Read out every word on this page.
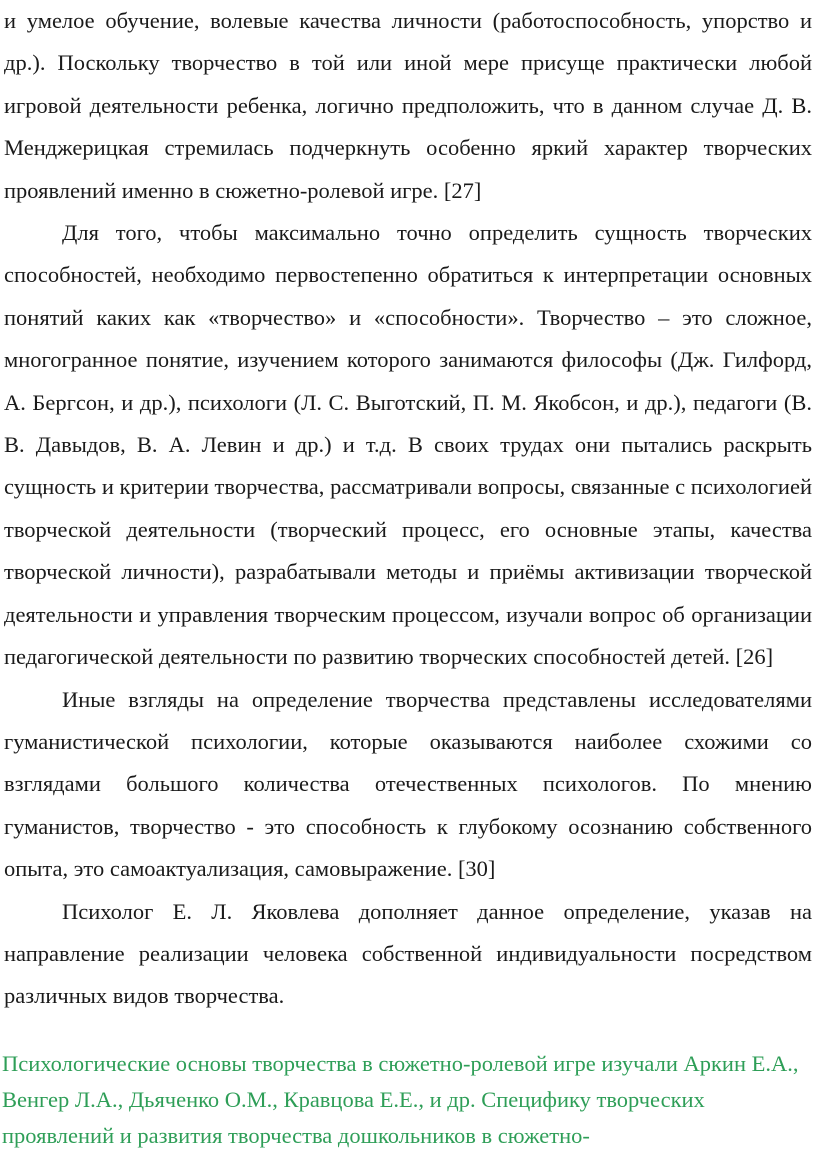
и умелое обучение, волевые качества личности (работоспособность, упорство и др.). Поскольку творчество в той или иной мере присуще практически любой игровой деятельности ребенка, логично предположить, что в данном случае Д. В. Менджерицкая стремилась подчеркнуть особенно яркий характер творческих проявлений именно в сюжетно-ролевой игре. [27]

Для того, чтобы максимально точно определить сущность творческих способностей, необходимо первостепенно обратиться к интерпретации основных понятий каких как «творчество» и «способности». Творчество – это сложное, многогранное понятие, изучением которого занимаются философы (Дж. Гилфорд, А. Бергсон, и др.), психологи (Л. С. Выготский, П. М. Якобсон, и др.), педагоги (В. В. Давыдов, В. А. Левин и др.) и т.д. В своих трудах они пытались раскрыть сущность и критерии творчества, рассматривали вопросы, связанные с психологией творческой деятельности (творческий процесс, его основные этапы, качества творческой личности), разрабатывали методы и приёмы активизации творческой деятельности и управления творческим процессом, изучали вопрос об организации педагогической деятельности по развитию творческих способностей детей. [26]

Иные взгляды на определение творчества представлены исследователями гуманистической психологии, которые оказываются наиболее схожими со взглядами большого количества отечественных психологов. По мнению гуманистов, творчество - это способность к глубокому осознанию собственного опыта, это самоактуализация, самовыражение. [30]

Психолог Е. Л. Яковлева дополняет данное определение, указав на направление реализации человека собственной индивидуальности посредством различных видов творчества.

Психологические основы творчества в сюжетно-ролевой игре изучали Аркин Е.А., Венгер Л.А., Дьяченко О.М., Кравцова Е.Е., и др. Специфику творческих проявлений и развития творчества дошкольников в сюжетно-
